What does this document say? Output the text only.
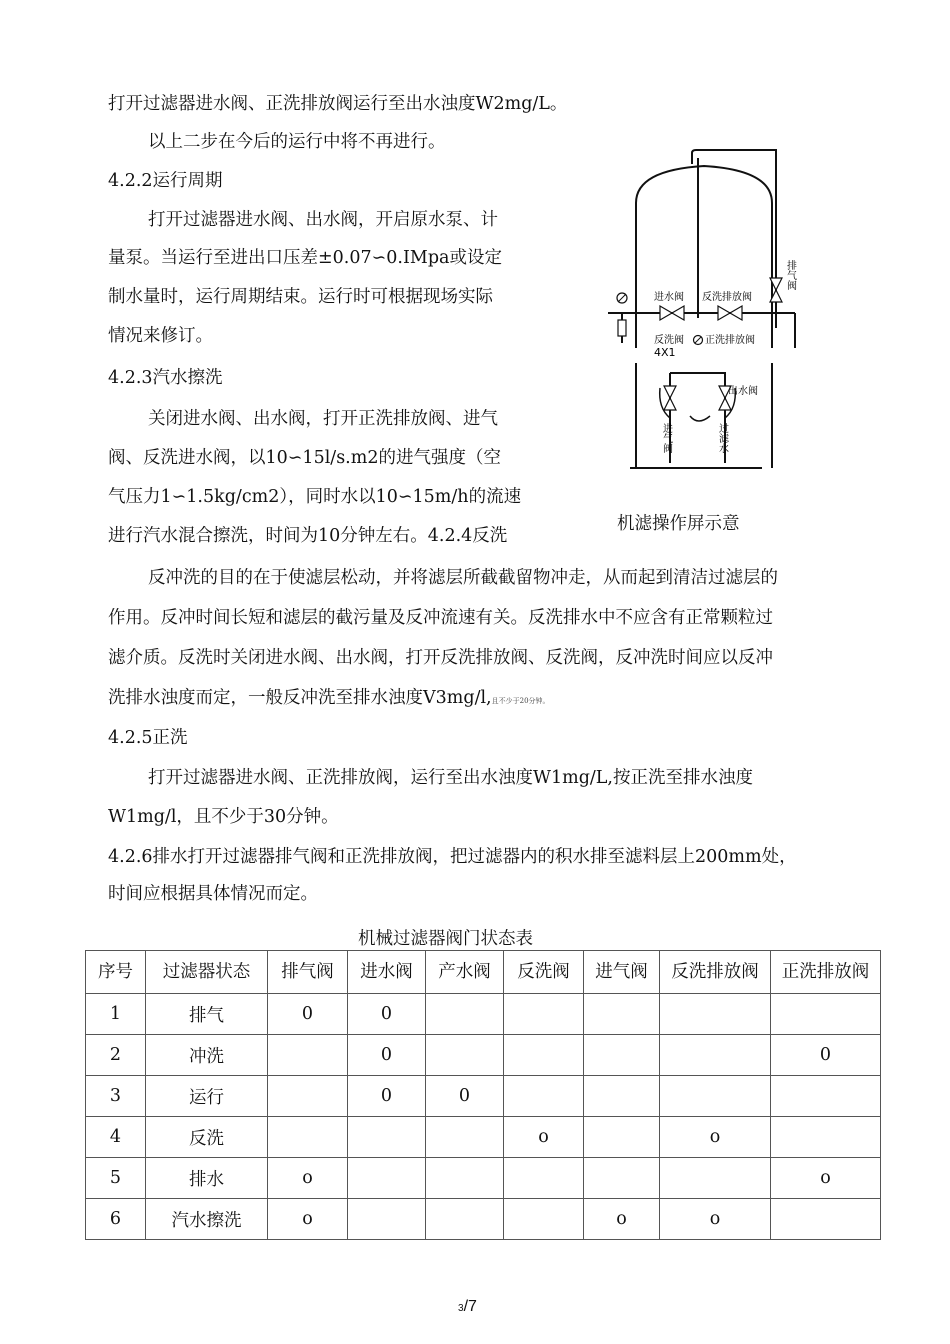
打开过滤器进水阀、正洗排放阀运行至出水浊度W2mg/L。
以上二步在今后的运行中将不再进行。
4.2.2运行周期
打开过滤器进水阀、出水阀，开启原水泵、计
量泵。当运行至进出口压差±0.07∽0.IMpa或设定
制水量时，运行周期结束。运行时可根据现场实际
情况来修订。
4.2.3汽水擦洗
关闭进水阀、出水阀，打开正洗排放阀、进气
阀、反洗进水阀，以10∽15l/s.m2的进气强度（空
气压力1∽1.5kg/cm2），同时水以10∽15m/h的流速
进行汽水混合擦洗，时间为10分钟左右。4.2.4反洗
反冲洗的目的在于使滤层松动，并将滤层所截截留物冲走，从而起到清洁过滤层的
作用。反冲时间长短和滤层的截污量及反冲流速有关。反洗排水中不应含有正常颗粒过
滤介质。反洗时关闭进水阀、出水阀，打开反洗排放阀、反洗阀，反冲洗时间应以反冲
洗排水浊度而定，一般反冲洗至排水浊度V3mg/l,且不少于20分钟。
4.2.5正洗
打开过滤器进水阀、正洗排放阀，运行至出水浊度W1mg/L,按正洗至排水浊度
W1mg/l，且不少于30分钟。
4.2.6排水打开过滤器排气阀和正洗排放阀，把过滤器内的积水排至滤料层上200mm处，
时间应根据具体情况而定。
进水阀 反洗排放阀
反洗阀 正洗排放阀
4X1
出水阀
排气阀
进气阀	过滤水
机滤操作屏示意
机械过滤器阀门状态表
序号	过滤器状态	排气阀	进水阀	产水阀	反洗阀	进气阀	反洗排放阀	正洗排放阀
1	排气	0	0					
2	冲洗		0					0
3	运行		0	0				
4	反洗				o		o	
5	排水	o						o
6	汽水擦洗	o				o	o	
3/7
